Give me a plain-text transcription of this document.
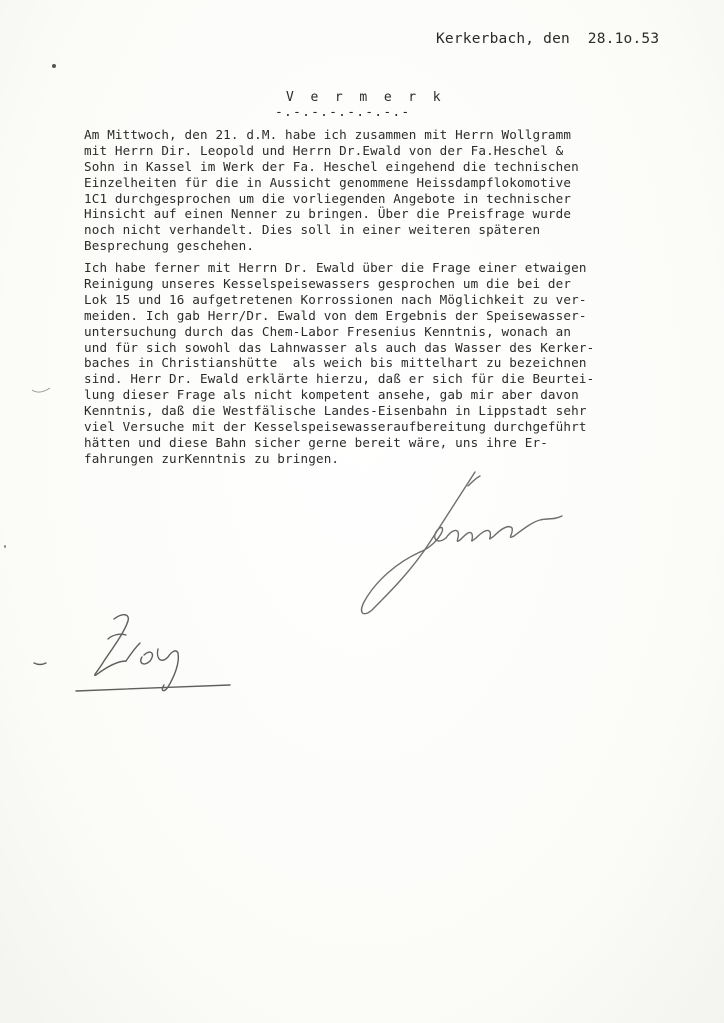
Kerkerbach, den  28.1o.53
V e r m e r k
-.-.-.-.-.-.-.-
Am Mittwoch, den 21. d.M. habe ich zusammen mit Herrn Wollgramm
mit Herrn Dir. Leopold und Herrn Dr.Ewald von der Fa.Heschel &
Sohn in Kassel im Werk der Fa. Heschel eingehend die technischen
Einzelheiten für die in Aussicht genommene Heissdampflokomotive
1C1 durchgesprochen um die vorliegenden Angebote in technischer
Hinsicht auf einen Nenner zu bringen. Über die Preisfrage wurde
noch nicht verhandelt. Dies soll in einer weiteren späteren
Besprechung geschehen.
Ich habe ferner mit Herrn Dr. Ewald über die Frage einer etwaigen
Reinigung unseres Kesselspeisewassers gesprochen um die bei der
Lok 15 und 16 aufgetretenen Korrossionen nach Möglichkeit zu ver-
meiden. Ich gab Herr/Dr. Ewald von dem Ergebnis der Speisewasser-
untersuchung durch das Chem-Labor Fresenius Kenntnis, wonach an
und für sich sowohl das Lahnwasser als auch das Wasser des Kerker-
baches in Christianshütte  als weich bis mittelhart zu bezeichnen
sind. Herr Dr. Ewald erklärte hierzu, daß er sich für die Beurtei-
lung dieser Frage als nicht kompetent ansehe, gab mir aber davon
Kenntnis, daß die Westfälische Landes-Eisenbahn in Lippstadt sehr
viel Versuche mit der Kesselspeisewasseraufbereitung durchgeführt
hätten und diese Bahn sicher gerne bereit wäre, uns ihre Er-
fahrungen zurKenntnis zu bringen.
